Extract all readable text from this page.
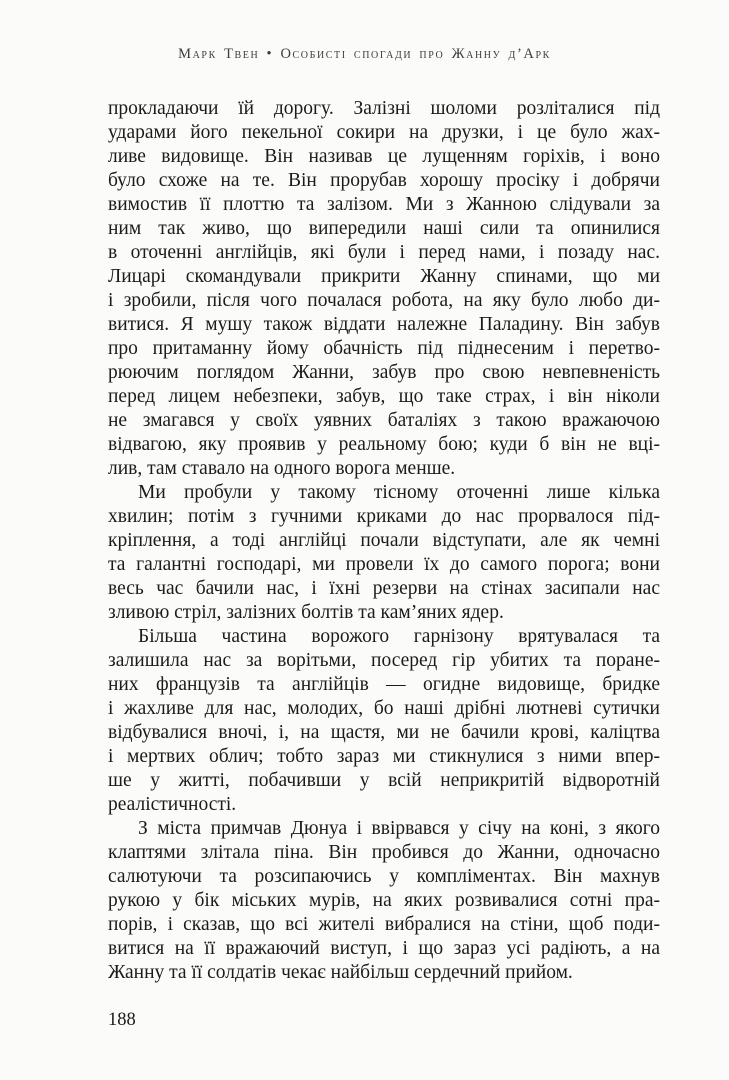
Марк Твен • Особисті спогади про Жанну д’Арк

прокладаючи їй дорогу. Залізні шоломи розліталися під
ударами його пекельної сокири на друзки, і це було жах-
ливе видовище. Він називав це лущенням горіхів, і воно
було схоже на те. Він прорубав хорошу просіку і добрячи
вимостив її плоттю та залізом. Ми з Жанною слідували за
ним так живо, що випередили наші сили та опинилися
в оточенні англійців, які були і перед нами, і позаду нас.
Лицарі скомандували прикрити Жанну спинами, що ми
і зробили, після чого почалася робота, на яку було любо ди-
витися. Я мушу також віддати належне Паладину. Він забув
про притаманну йому обачність під піднесеним і перетво-
рюючим поглядом Жанни, забув про свою невпевненість
перед лицем небезпеки, забув, що таке страх, і він ніколи
не змагався у своїх уявних баталіях з такою вражаючою
відвагою, яку проявив у реальному бою; куди б він не вці-
лив, там ставало на одного ворога менше.

Ми пробули у такому тісному оточенні лише кілька
хвилин; потім з гучними криками до нас прорвалося під-
кріплення, а тоді англійці почали відступати, але як чемні
та галантні господарі, ми провели їх до самого порога; вони
весь час бачили нас, і їхні резерви на стінах засипали нас
зливою стріл, залізних болтів та кам’яних ядер.

Більша частина ворожого гарнізону врятувалася та
залишила нас за ворітьми, посеред гір убитих та поране-
них французів та англійців — огидне видовище, бридке
і жахливе для нас, молодих, бо наші дрібні лютневі сутички
відбувалися вночі, і, на щастя, ми не бачили крові, каліцтва
і мертвих облич; тобто зараз ми стикнулися з ними впер-
ше у житті, побачивши у всій неприкритій відворотній
реалістичності.

З міста примчав Дюнуа і ввірвався у січу на коні, з якого
клаптями злітала піна. Він пробився до Жанни, одночасно
салютуючи та розсипаючись у компліментах. Він махнув
рукою у бік міських мурів, на яких розвивалися сотні пра-
порів, і сказав, що всі жителі вибралися на стіни, щоб поди-
витися на її вражаючий виступ, і що зараз усі радіють, а на
Жанну та її солдатів чекає найбільш сердечний прийом.

188
